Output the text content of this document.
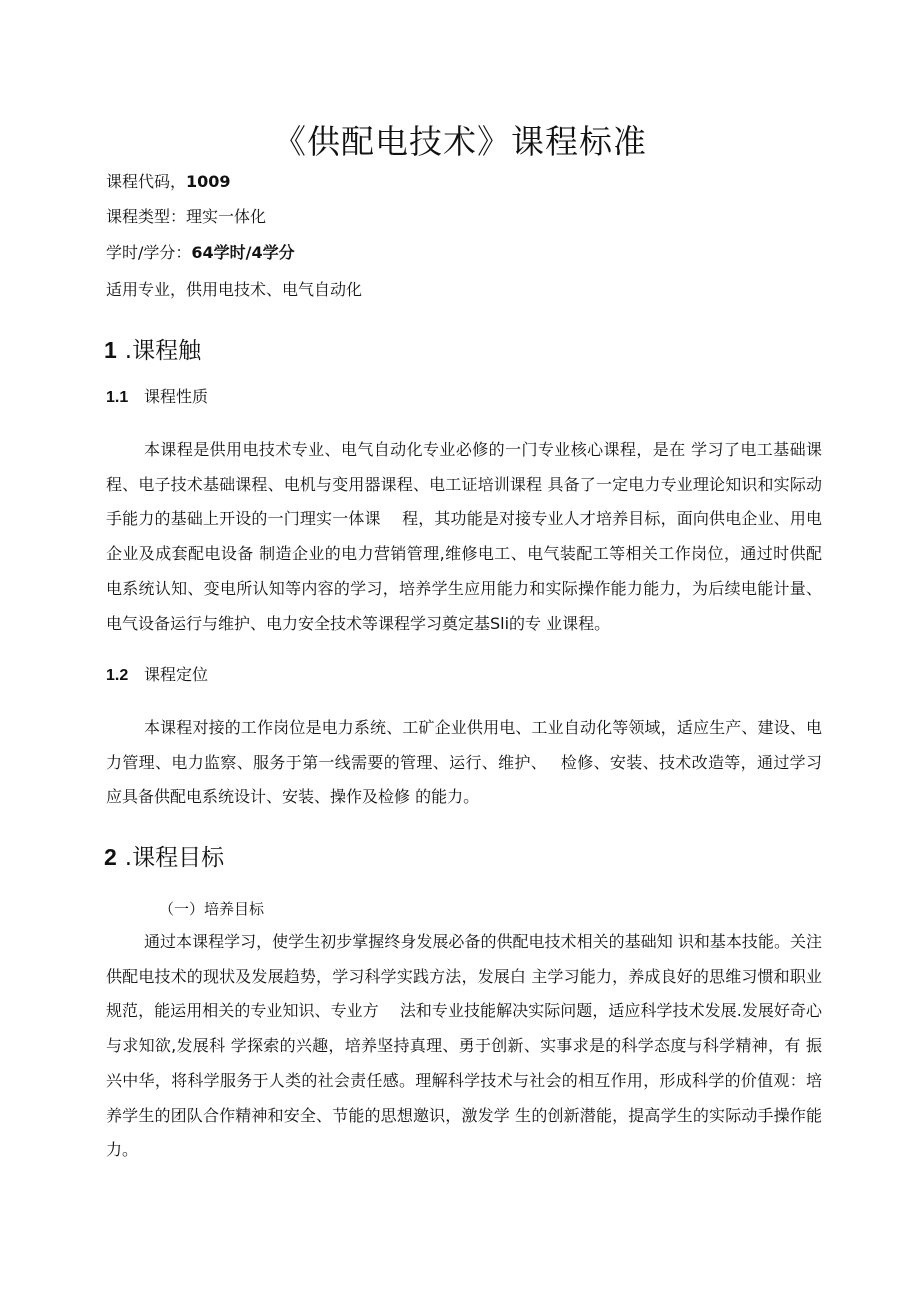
《供配电技术》课程标准
课程代码，1009
课程类型：理实一体化
学时/学分：64学时/4学分
适用专业，供用电技术、电气自动化
1 .课程触
1.1 课程性质
本课程是供用电技术专业、电气自动化专业必修的一门专业核心课程，是在 学习了电工基础课程、电子技术基础课程、电机与变用器课程、电工证培训课程 具备了一定电力专业理论知识和实际动手能力的基础上开设的一门理实一体课　 程，其功能是对接专业人才培养目标，面向供电企业、用电企业及成套配电设备 制造企业的电力营销管理,维修电工、电气装配工等相关工作岗位，通过时供配 电系统认知、变电所认知等内容的学习，培养学生应用能力和实际操作能力能力，为后续电能计量、电气设备运行与维护、电力安全技术等课程学习奠定基Sli的专 业课程。
1.2 课程定位
本课程对接的工作岗位是电力系统、工矿企业供用电、工业自动化等领域，适应生产、建设、电力管理、电力监察、服务于第一线需要的管理、运行、维护、　 检修、安装、技术改造等，通过学习应具备供配电系统设计、安装、操作及检修 的能力。
2 .课程目标
（一）培养目标
通过本课程学习，使学生初步掌握终身发展必备的供配电技术相关的基础知 识和基本技能。关注供配电技术的现状及发展趋势，学习科学实践方法，发展白 主学习能力，养成良好的思维习惯和职业规范，能运用相关的专业知识、专业方　 法和专业技能解决实际问题，适应科学技术发展.发展好奇心与求知欲,发展科 学探索的兴趣，培养坚持真理、勇于创新、实事求是的科学态度与科学精神，有 振兴中华，将科学服务于人类的社会责任感。理解科学技术与社会的相互作用，形成科学的价值观：培养学生的团队合作精神和安全、节能的思想邀识，激发学 生的创新潜能，提高学生的实际动手操作能力。
